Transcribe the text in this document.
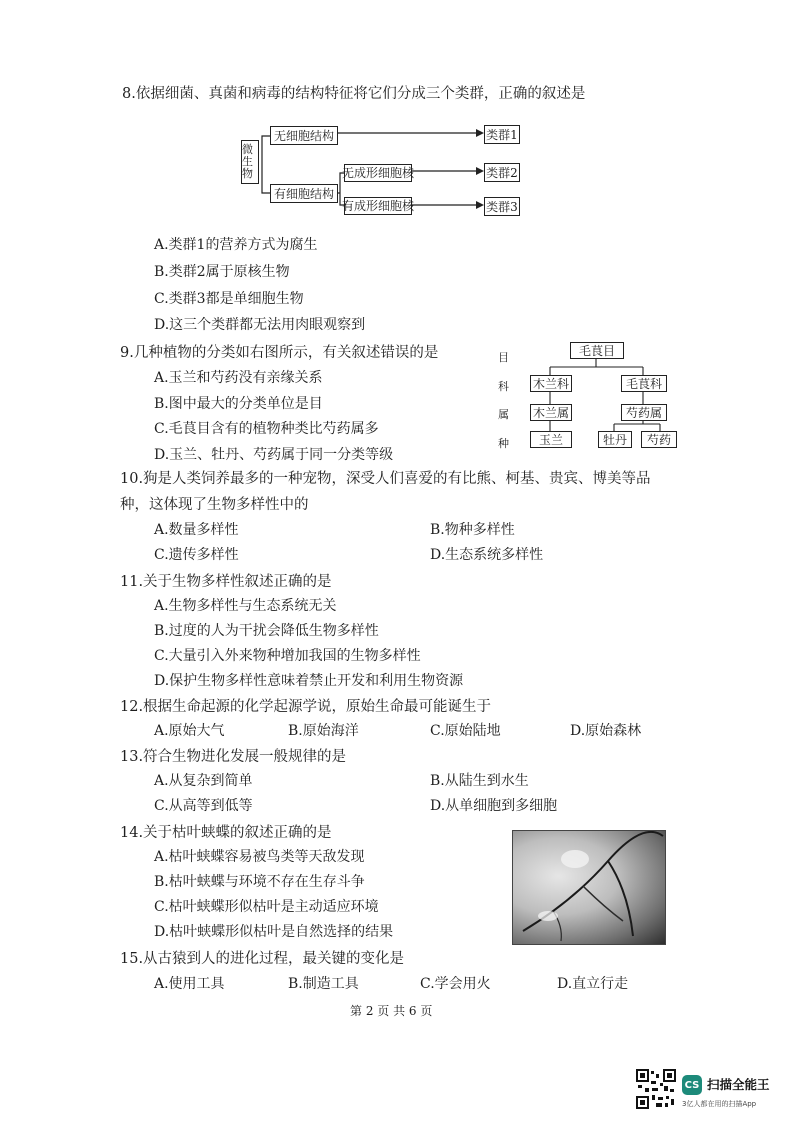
8.依据细菌、真菌和病毒的结构特征将它们分成三个类群，正确的叙述是
微生物
无细胞结构
有细胞结构
无成形细胞核
有成形细胞核
类群1
类群2
类群3
A.类群1的营养方式为腐生
B.类群2属于原核生物
C.类群3都是单细胞生物
D.这三个类群都无法用肉眼观察到
9.几种植物的分类如右图所示，有关叙述错误的是
A.玉兰和芍药没有亲缘关系
B.图中最大的分类单位是目
C.毛茛目含有的植物种类比芍药属多
D.玉兰、牡丹、芍药属于同一分类等级
目
科
属
种
毛茛目
木兰科	毛茛科
木兰属	芍药属
玉兰	牡丹	芍药
10.狗是人类饲养最多的一种宠物，深受人们喜爱的有比熊、柯基、贵宾、博美等品
种，这体现了生物多样性中的
A.数量多样性	B.物种多样性
C.遗传多样性	D.生态系统多样性
11.关于生物多样性叙述正确的是
A.生物多样性与生态系统无关
B.过度的人为干扰会降低生物多样性
C.大量引入外来物种增加我国的生物多样性
D.保护生物多样性意味着禁止开发和利用生物资源
12.根据生命起源的化学起源学说，原始生命最可能诞生于
A.原始大气	B.原始海洋	C.原始陆地	D.原始森林
13.符合生物进化发展一般规律的是
A.从复杂到简单	B.从陆生到水生
C.从高等到低等	D.从单细胞到多细胞
14.关于枯叶蛱蝶的叙述正确的是
A.枯叶蛱蝶容易被鸟类等天敌发现
B.枯叶蛱蝶与环境不存在生存斗争
C.枯叶蛱蝶形似枯叶是主动适应环境
D.枯叶蛱蝶形似枯叶是自然选择的结果
15.从古猿到人的进化过程，最关键的变化是
A.使用工具	B.制造工具	C.学会用火	D.直立行走
第 2 页 共 6 页
CS 扫描全能王
3亿人都在用的扫描App
